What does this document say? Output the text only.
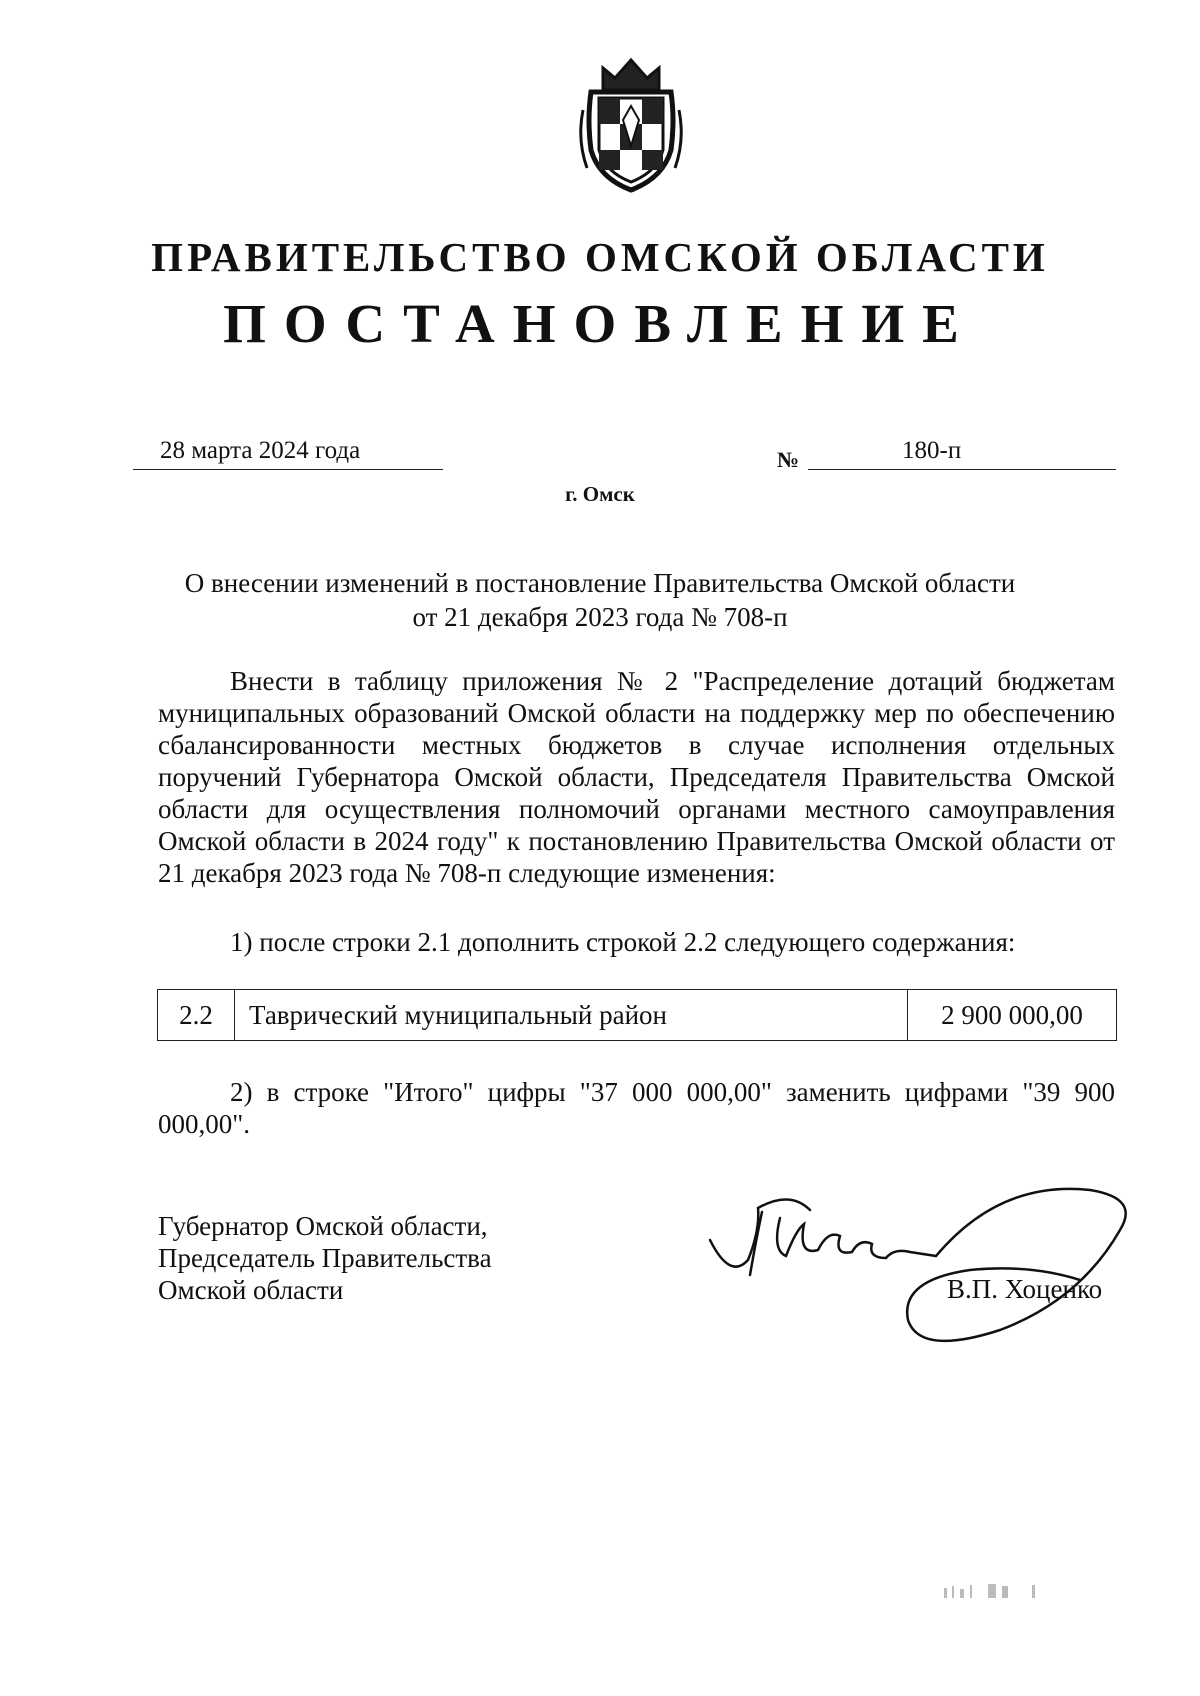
ПРАВИТЕЛЬСТВО ОМСКОЙ ОБЛАСТИ
ПОСТАНОВЛЕНИЕ
28 марта 2024 года	№	180-п
г. Омск
О внесении изменений в постановление Правительства Омской области
от 21 декабря 2023 года № 708-п
Внести в таблицу приложения № 2 "Распределение дотаций бюджетам муниципальных образований Омской области на поддержку мер по обеспечению сбалансированности местных бюджетов в случае исполнения отдельных поручений Губернатора Омской области, Председателя Правительства Омской области для осуществления полномочий органами местного самоуправления Омской области в 2024 году" к постановлению Правительства Омской области от 21 декабря 2023 года № 708-п следующие изменения:
1) после строки 2.1 дополнить строкой 2.2 следующего содержания:
2.2	Таврический муниципальный район	2 900 000,00
2) в строке "Итого" цифры "37 000 000,00" заменить цифрами "39 900 000,00".
Губернатор Омской области,
Председатель Правительства
Омской области	В.П. Хоценко
